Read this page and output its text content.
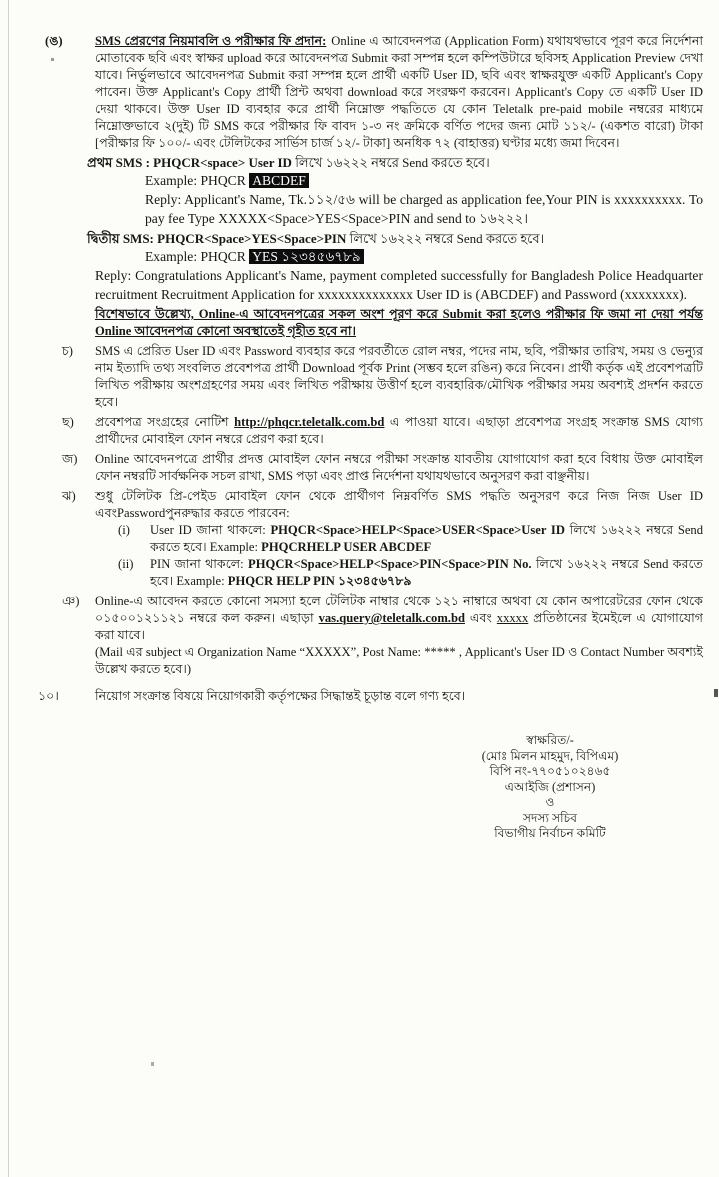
(ঙ)	SMS প্রেরণের নিয়মাবলি ও পরীক্ষার ফি প্রদান: Online এ আবেদনপত্র (Application Form) যথাযথভাবে পূরণ করে নির্দেশনা মোতাবেক ছবি এবং স্বাক্ষর upload করে আবেদনপত্র Submit করা সম্পন্ন হলে কম্পিউটারে ছবিসহ Application Preview দেখা যাবে। নির্ভুলভাবে আবেদনপত্র Submit করা সম্পন্ন হলে প্রার্থী একটি User ID, ছবি এবং স্বাক্ষরযুক্ত একটি Applicant's Copy পাবেন। উক্ত Applicant's Copy প্রার্থী প্রিন্ট অথবা download করে সংরক্ষণ করবেন। Applicant's Copy তে একটি User ID দেয়া থাকবে। উক্ত User ID ব্যবহার করে প্রার্থী নিম্নোক্ত পদ্ধতিতে যে কোন Teletalk pre-paid mobile নম্বরের মাধ্যমে নিম্নোক্তভাবে ২(দুই) টি SMS করে পরীক্ষার ফি বাবদ ১-৩ নং ক্রমিকে বর্ণিত পদের জন্য মোট ১১২/- (একশত বারো) টাকা [পরীক্ষার ফি ১০০/- এবং টেলিটকের সার্ভিস চার্জ ১২/- টাকা] অনধিক ৭২ (বাহাত্তর) ঘণ্টার মধ্যে জমা দিবেন।
প্রথম SMS : PHQCR<space> User ID লিখে ১৬২২২ নম্বরে Send করতে হবে।
Example: PHQCR ABCDEF
Reply: Applicant's Name, Tk.১১২/৫৬ will be charged as application fee,Your PIN is xxxxxxxxxx. To pay fee Type XXXXX<Space>YES<Space>PIN and send to ১৬২২২।
দ্বিতীয় SMS: PHQCR<Space>YES<Space>PIN লিখে ১৬২২২ নম্বরে Send করতে হবে।
Example: PHQCR YES ১২৩৪৫৬৭৮৯
Reply: Congratulations Applicant's Name, payment completed successfully for Bangladesh Police Headquarter recruitment Recruitment Application for xxxxxxxxxxxxxx User ID is (ABCDEF) and Password (xxxxxxxx).
বিশেষভাবে উল্লেখ্য, Online-এ আবেদনপত্রের সকল অংশ পূরণ করে Submit করা হলেও পরীক্ষার ফি জমা না দেয়া পর্যন্ত Online আবেদনপত্র কোনো অবস্থাতেই গৃহীত হবে না।
চ)	SMS এ প্রেরিত User ID এবং Password ব্যবহার করে পরবর্তীতে রোল নম্বর, পদের নাম, ছবি, পরীক্ষার তারিখ, সময় ও ভেন্যুর নাম ইত্যাদি তথ্য সংবলিত প্রবেশপত্র প্রার্থী Download পূর্বক Print (সম্ভব হলে রঙিন) করে নিবেন। প্রার্থী কর্তৃক এই প্রবেশপত্রটি লিখিত পরীক্ষায় অংশগ্রহণের সময় এবং লিখিত পরীক্ষায় উত্তীর্ণ হলে ব্যবহারিক/মৌখিক পরীক্ষার সময় অবশ্যই প্রদর্শন করতে হবে।
ছ)	প্রবেশপত্র সংগ্রহের নোটিশ http://phqcr.teletalk.com.bd এ পাওয়া যাবে। এছাড়া প্রবেশপত্র সংগ্রহ সংক্রান্ত SMS যোগ্য প্রার্থীদের মোবাইল ফোন নম্বরে প্রেরণ করা হবে।
জ)	Online আবেদনপত্রে প্রার্থীর প্রদত্ত মোবাইল ফোন নম্বরে পরীক্ষা সংক্রান্ত যাবতীয় যোগাযোগ করা হবে বিধায় উক্ত মোবাইল ফোন নম্বরটি সার্বক্ষনিক সচল রাখা, SMS পড়া এবং প্রাপ্ত নির্দেশনা যথাযথভাবে অনুসরণ করা বাঞ্ছনীয়।
ঝ)	শুধু টেলিটক প্রি-পেইড মোবাইল ফোন থেকে প্রার্থীগণ নিম্নবর্ণিত SMS পদ্ধতি অনুসরণ করে নিজ নিজ User ID এবংPasswordপুনরুদ্ধার করতে পারবেন:
(i)	User ID জানা থাকলে: PHQCR<Space>HELP<Space>USER<Space>User ID লিখে ১৬২২২ নম্বরে Send করতে হবে। Example: PHQCRHELP USER ABCDEF
(ii)	PIN জানা থাকলে: PHQCR<Space>HELP<Space>PIN<Space>PIN No. লিখে ১৬২২২ নম্বরে Send করতে হবে। Example: PHQCR HELP PIN ১২৩৪৫৬৭৮৯
ঞ)	Online-এ আবেদন করতে কোনো সমস্যা হলে টেলিটক নাম্বার থেকে ১২১ নাম্বারে অথবা যে কোন অপারেটরের ফোন থেকে ০১৫০০১২১১২১ নম্বরে কল করুন। এছাড়া vas.query@teletalk.com.bd এবং xxxxx প্রতিষ্ঠানের ইমেইলে এ যোগাযোগ করা যাবে।
(Mail এর subject এ Organization Name “XXXXX”, Post Name: ***** , Applicant's User ID ও Contact Number অবশ্যই উল্লেখ করতে হবে।)
১০।	নিয়োগ সংক্রান্ত বিষয়ে নিয়োগকারী কর্তৃপক্ষের সিদ্ধান্তই চূড়ান্ত বলে গণ্য হবে।
স্বাক্ষরিত/-
(মোঃ মিলন মাহমুদ, বিপিএম)
বিপি নং-৭৭০৫১০২৪৬৫
এআইজি (প্রশাসন)
ও
সদস্য সচিব
বিভাগীয় নির্বাচন কমিটি
